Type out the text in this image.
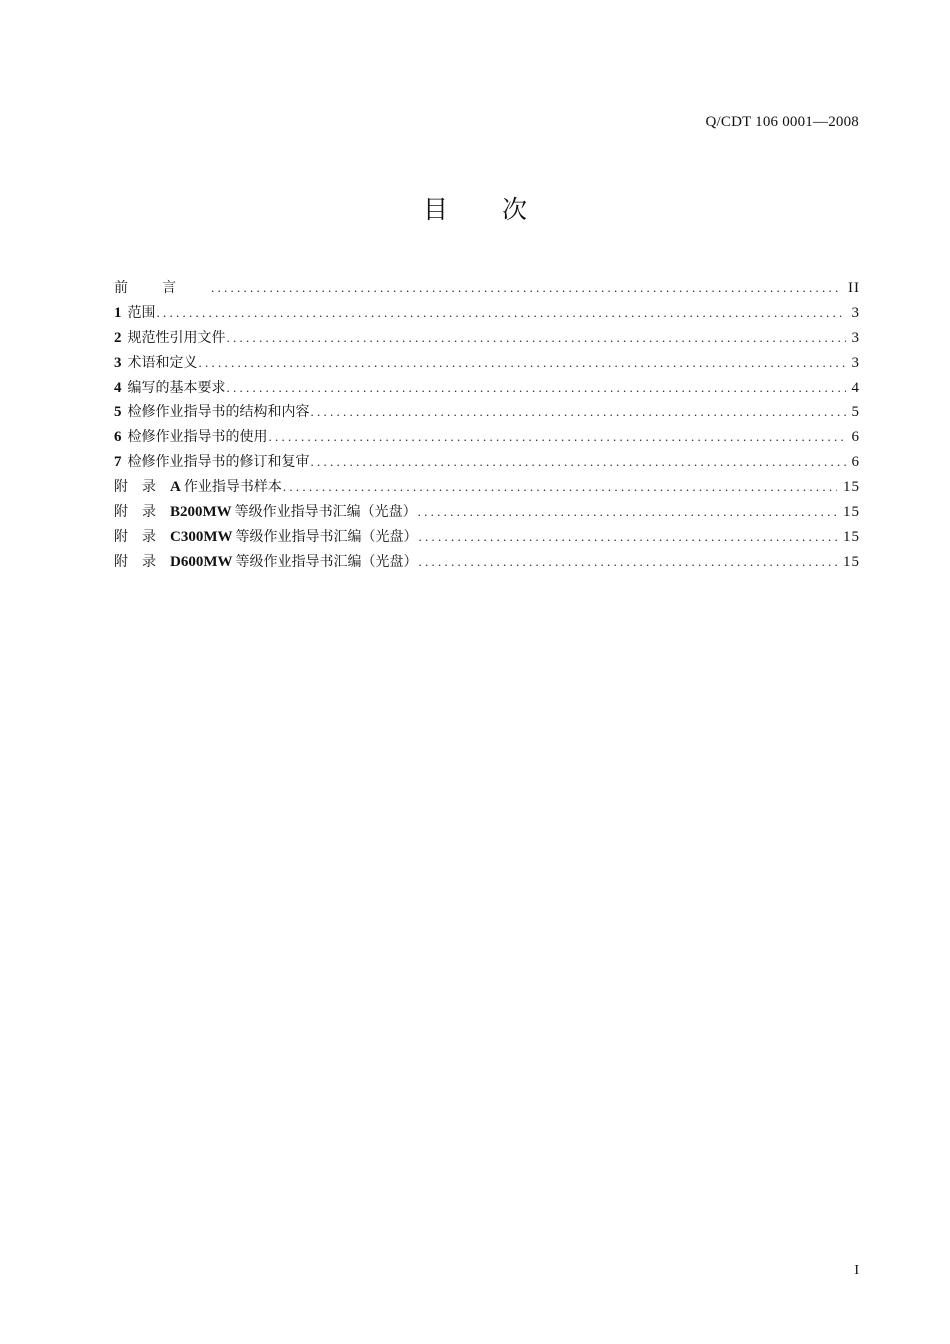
Q/CDT 106 0001—2008
目次
前言 . . .	II
1 范围 . . .	3
2 规范性引用文件 . . .	3
3 术语和定义 . . .	3
4 编写的基本要求 . . .	4
5 检修作业指导书的结构和内容 . . .	5
6 检修作业指导书的使用 . . .	6
7 检修作业指导书的修订和复审 . . .	6
附录 A 作业指导书样本 . . .	15
附录 B200MW 等级作业指导书汇编（光盘） . . .	15
附录 C300MW 等级作业指导书汇编（光盘） . . .	15
附录 D600MW 等级作业指导书汇编（光盘） . . .	15
I
